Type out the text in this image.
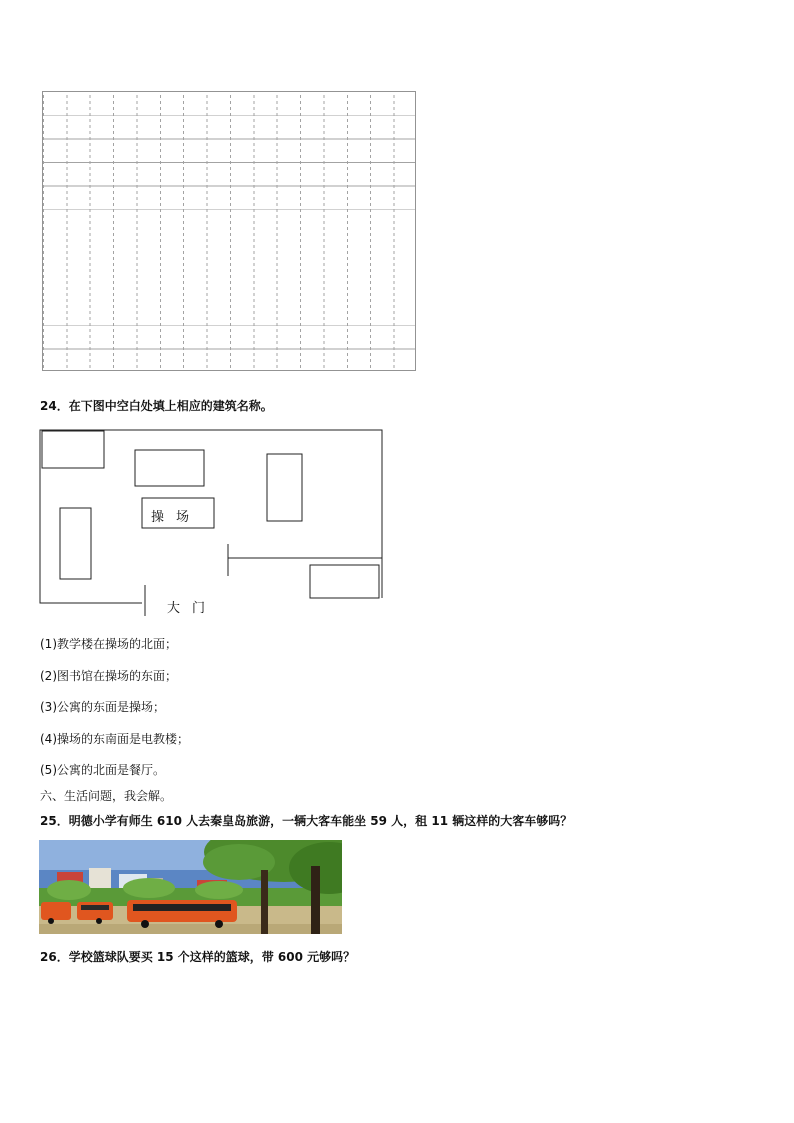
24．在下图中空白处填上相应的建筑名称。
操场
大门
(1)教学楼在操场的北面；
(2)图书馆在操场的东面；
(3)公寓的东面是操场；
(4)操场的东南面是电教楼；
(5)公寓的北面是餐厅。
六、生活问题，我会解。
25．明德小学有师生 610 人去秦皇岛旅游，一辆大客车能坐 59 人，租 11 辆这样的大客车够吗？
26．学校篮球队要买 15 个这样的篮球，带 600 元够吗？
